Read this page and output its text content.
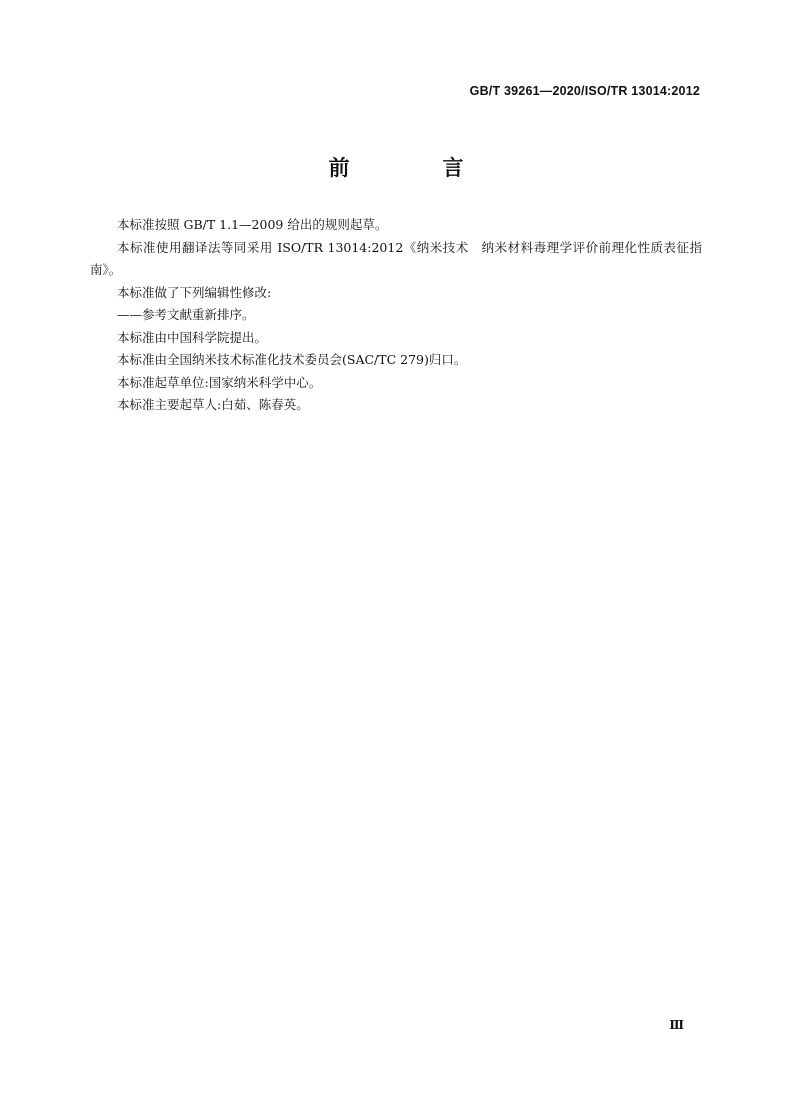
GB/T 39261—2020/ISO/TR 13014:2012
前　言

本标准按照 GB/T 1.1—2009 给出的规则起草。

本标准使用翻译法等同采用 ISO/TR 13014:2012《纳米技术　纳米材料毒理学评价前理化性质表征指南》。

本标准做了下列编辑性修改:

——参考文献重新排序。

本标准由中国科学院提出。

本标准由全国纳米技术标准化技术委员会(SAC/TC 279)归口。

本标准起草单位:国家纳米科学中心。

本标准主要起草人:白茹、陈春英。

Ⅲ
